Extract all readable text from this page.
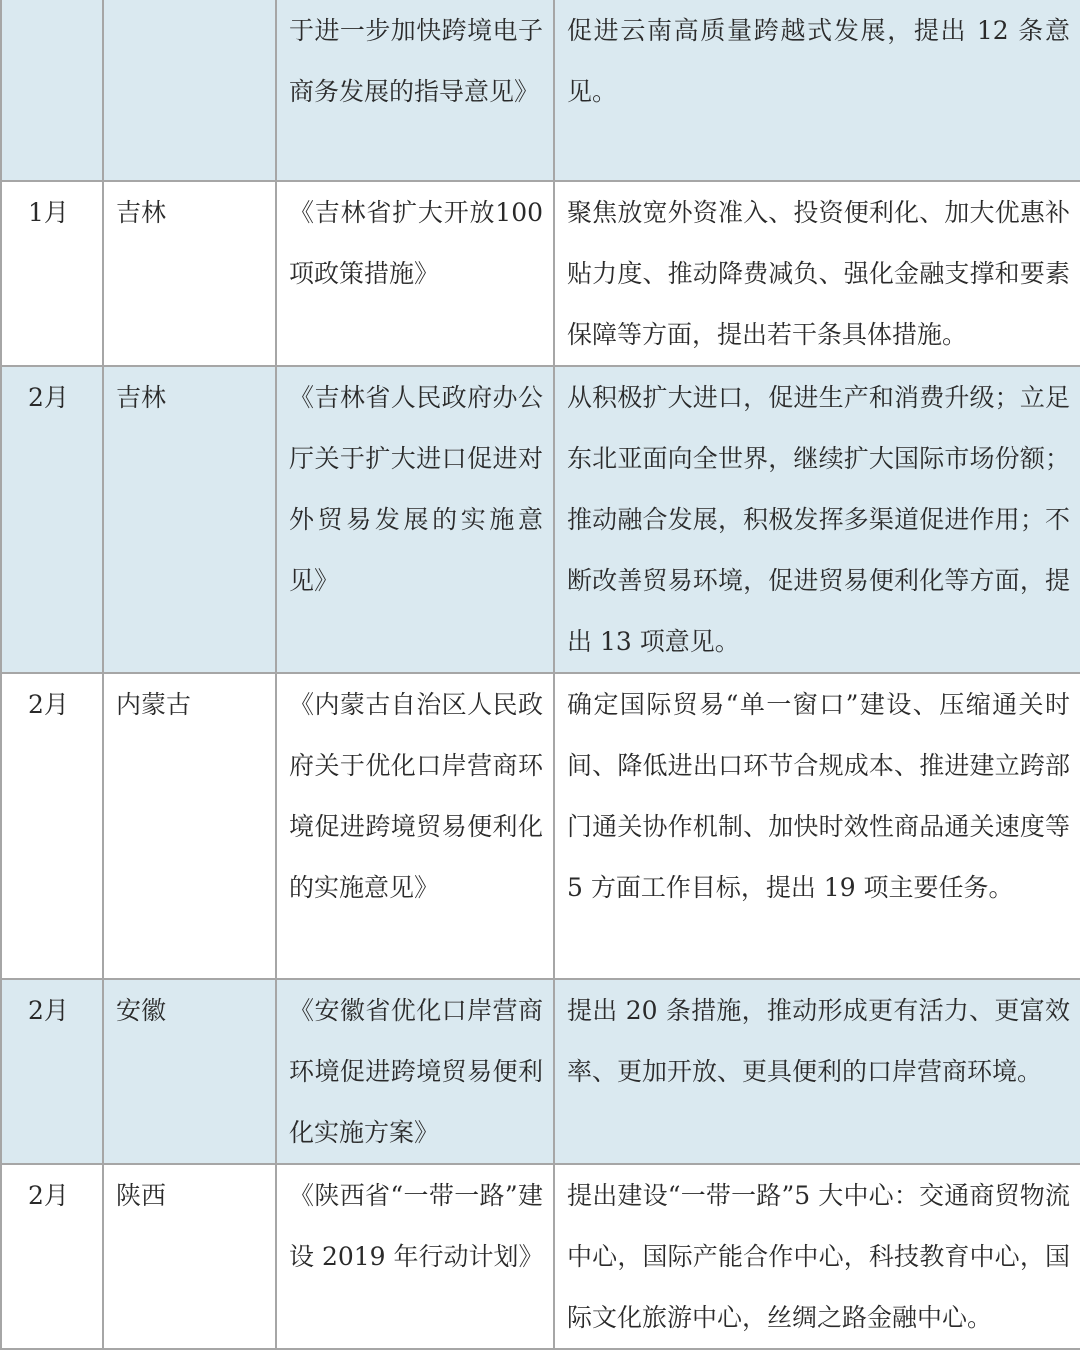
		于进一步加快跨境电子商务发展的指导意见》	促进云南高质量跨越式发展，提出 12 条意见。

1月	吉林	《吉林省扩大开放100 项政策措施》	聚焦放宽外资准入、投资便利化、加大优惠补贴力度、推动降费减负、强化金融支撑和要素保障等方面，提出若干条具体措施。

2月	吉林	《吉林省人民政府办公厅关于扩大进口促进对外贸易发展的实施意见》	从积极扩大进口，促进生产和消费升级；立足东北亚面向全世界，继续扩大国际市场份额；推动融合发展，积极发挥多渠道促进作用；不断改善贸易环境，促进贸易便利化等方面，提出 13 项意见。

2月	内蒙古	《内蒙古自治区人民政府关于优化口岸营商环境促进跨境贸易便利化的实施意见》	确定国际贸易“单一窗口”建设、压缩通关时间、降低进出口环节合规成本、推进建立跨部门通关协作机制、加快时效性商品通关速度等 5 方面工作目标，提出 19 项主要任务。

2月	安徽	《安徽省优化口岸营商环境促进跨境贸易便利化实施方案》	提出 20 条措施，推动形成更有活力、更富效率、更加开放、更具便利的口岸营商环境。

2月	陕西	《陕西省“一带一路”建设 2019 年行动计划》	提出建设“一带一路”5 大中心：交通商贸物流中心，国际产能合作中心，科技教育中心，国际文化旅游中心，丝绸之路金融中心。
